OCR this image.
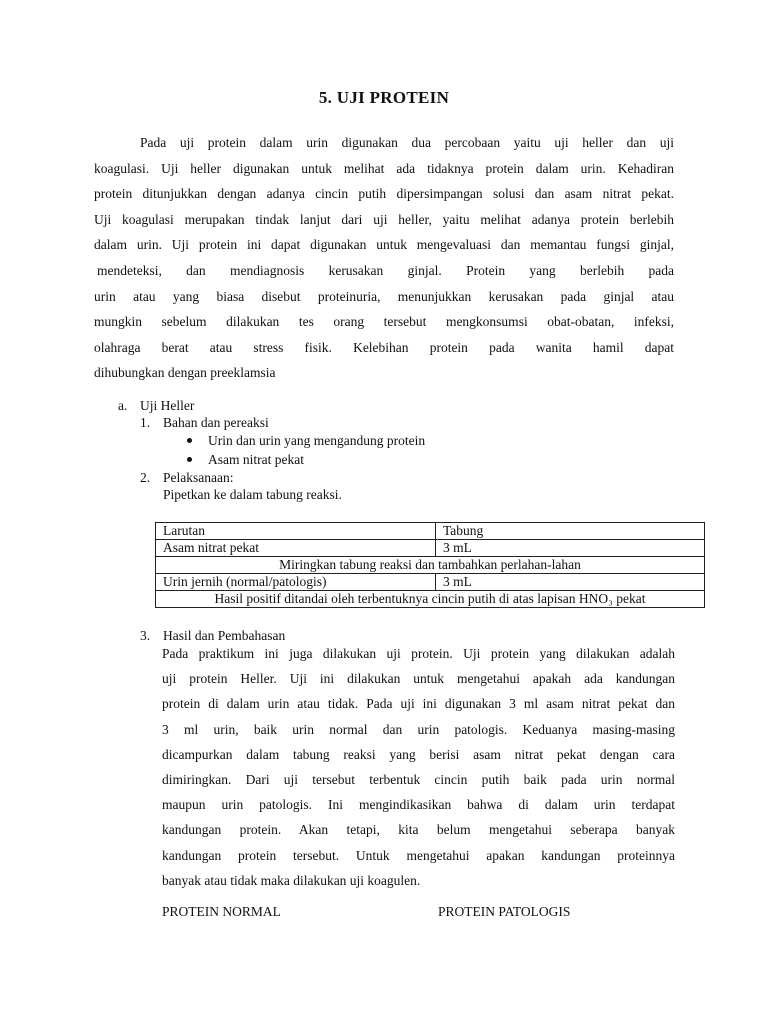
5. UJI PROTEIN
Pada uji protein dalam urin digunakan dua percobaan yaitu uji heller dan uji
koagulasi. Uji heller digunakan untuk melihat ada tidaknya protein dalam urin. Kehadiran
protein ditunjukkan dengan adanya cincin putih dipersimpangan solusi dan asam nitrat pekat.
Uji koagulasi merupakan tindak lanjut dari uji heller, yaitu melihat adanya protein berlebih
dalam urin. Uji protein ini dapat digunakan untuk mengevaluasi dan memantau fungsi ginjal,
mendeteksi, dan mendiagnosis kerusakan ginjal. Protein yang berlebih pada
urin atau yang biasa disebut proteinuria, menunjukkan kerusakan pada ginjal atau
mungkin sebelum dilakukan tes orang tersebut mengkonsumsi obat-obatan, infeksi,
olahraga berat atau stress fisik. Kelebihan protein pada wanita hamil dapat
dihubungkan dengan preeklamsia
a. Uji Heller
1. Bahan dan pereaksi
Urin dan urin yang mengandung protein
Asam nitrat pekat
2. Pelaksanaan:
Pipetkan ke dalam tabung reaksi.
Larutan	Tabung
Asam nitrat pekat	3 mL
Miringkan tabung reaksi dan tambahkan perlahan-lahan	
Urin jernih (normal/patologis)	3 mL
Hasil positif ditandai oleh terbentuknya cincin putih di atas lapisan HNO₃ pekat	
3. Hasil dan Pembahasan
Pada praktikum ini juga dilakukan uji protein. Uji protein yang dilakukan adalah
uji protein Heller. Uji ini dilakukan untuk mengetahui apakah ada kandungan
protein di dalam urin atau tidak. Pada uji ini digunakan 3 ml asam nitrat pekat dan
3 ml urin, baik urin normal dan urin patologis. Keduanya masing-masing
dicampurkan dalam tabung reaksi yang berisi asam nitrat pekat dengan cara
dimiringkan. Dari uji tersebut terbentuk cincin putih baik pada urin normal
maupun urin patologis. Ini mengindikasikan bahwa di dalam urin terdapat
kandungan protein. Akan tetapi, kita belum mengetahui seberapa banyak
kandungan protein tersebut. Untuk mengetahui apakan kandungan proteinnya
banyak atau tidak maka dilakukan uji koagulen.
PROTEIN NORMAL	PROTEIN PATOLOGIS
